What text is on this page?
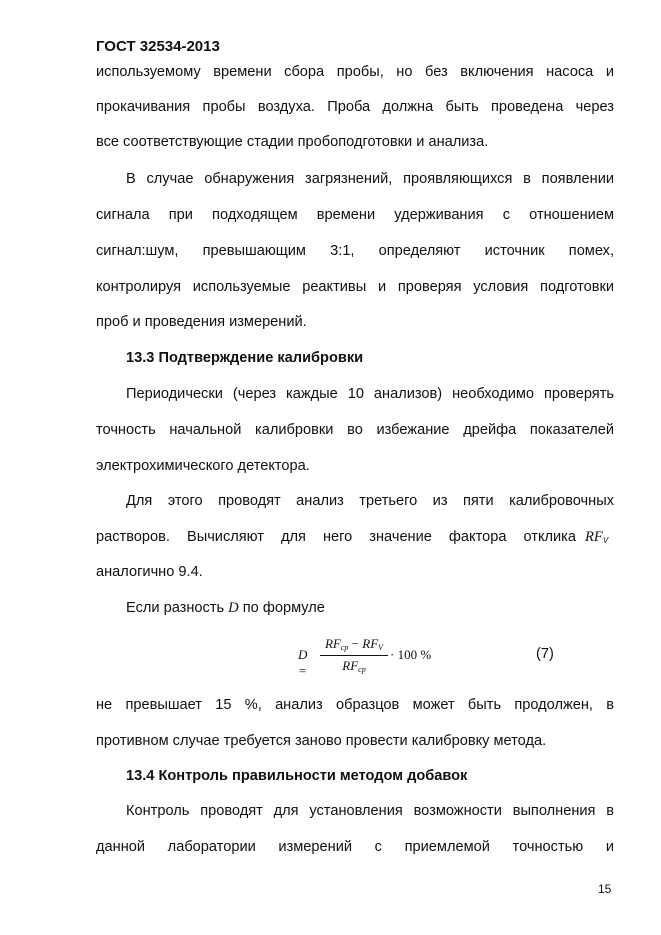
ГОСТ 32534-2013
используемому времени сбора пробы, но без включения насоса и
прокачивания пробы воздуха. Проба должна быть проведена через
все соответствующие стадии пробоподготовки и анализа.
В случае обнаружения загрязнений, проявляющихся в появлении
сигнала при подходящем времени удерживания с отношением
сигнал:шум, превышающим 3:1, определяют источник помех,
контролируя используемые реактивы и проверяя условия подготовки
проб и проведения измерений.
13.3 Подтверждение калибровки
Периодически (через каждые 10 анализов) необходимо проверять
точность начальной калибровки во избежание дрейфа показателей
электрохимического детектора.
Для этого проводят анализ третьего из пяти калибровочных
растворов. Вычисляют для него значение фактора отклика $RF_V$
аналогично 9.4.
Если разность D по формуле
D =
$RF_{ср} - RF_V$
$RF_{ср}$
· 100 %	(7)
не превышает 15 %, анализ образцов может быть продолжен, в
противном случае требуется заново провести калибровку метода.
13.4 Контроль правильности методом добавок
Контроль проводят для установления возможности выполнения в
данной лаборатории измерений с приемлемой точностью и
15
